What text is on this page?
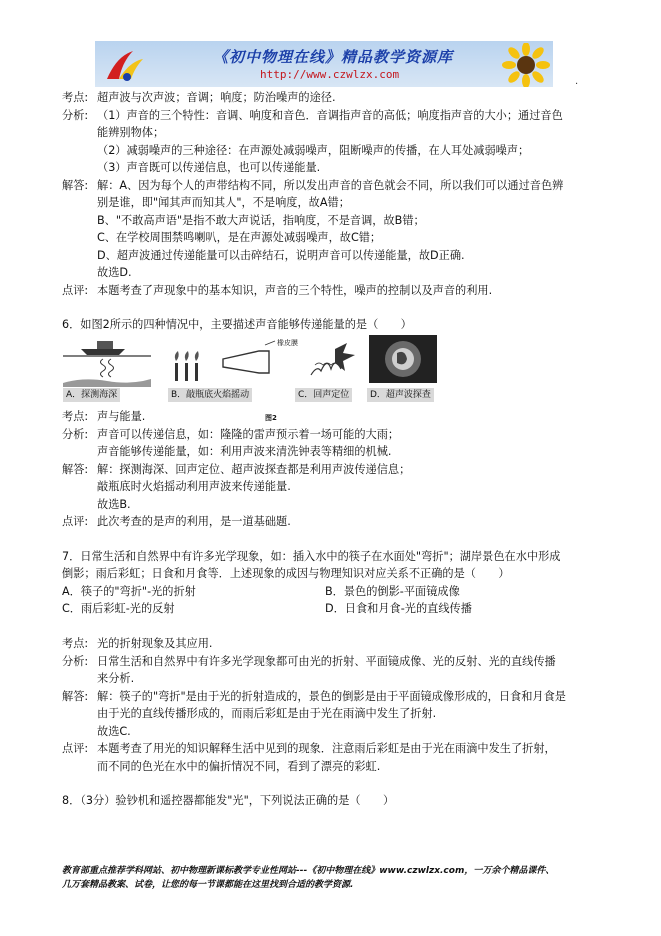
《初中物理在线》精品教学资源库
http://www.czwlzx.com
.
考点: 超声波与次声波；音调；响度；防治噪声的途径.
分析: （1）声音的三个特性：音调、响度和音色．音调指声音的高低；响度指声音的大小；通过音色
能辨别物体；
（2）减弱噪声的三种途径：在声源处减弱噪声，阻断噪声的传播，在人耳处减弱噪声；
（3）声音既可以传递信息，也可以传递能量.
解答: 解：A、因为每个人的声带结构不同，所以发出声音的音色就会不同，所以我们可以通过音色辨
别是谁，即"闻其声而知其人"，不是响度，故A错；
B、"不敢高声语"是指不敢大声说话，指响度，不是音调，故B错；
C、在学校周围禁鸣喇叭，是在声源处减弱噪声，故C错；
D、超声波通过传递能量可以击碎结石，说明声音可以传递能量，故D正确.
故选D.
点评: 本题考查了声现象中的基本知识，声音的三个特性，噪声的控制以及声音的利用.
6．如图2所示的四种情况中，主要描述声音能够传递能量的是（　　）
橡皮膜
A．探测海深	B．敲瓶底火焰摇动	C．回声定位	D．超声波探查
考点: 声与能量.	图2
分析: 声音可以传递信息，如：隆隆的雷声预示着一场可能的大雨；
声音能够传递能量，如：利用声波来清洗钟表等精细的机械.
解答: 解：探测海深、回声定位、超声波探查都是利用声波传递信息；
敲瓶底时火焰摇动利用声波来传递能量.
故选B.
点评: 此次考查的是声的利用，是一道基础题.
7．日常生活和自然界中有许多光学现象，如：插入水中的筷子在水面处"弯折"；湖岸景色在水中形成
倒影；雨后彩虹；日食和月食等．上述现象的成因与物理知识对应关系不正确的是（　　）
A．筷子的"弯折"-光的折射	B．景色的倒影-平面镜成像
C．雨后彩虹-光的反射	D．日食和月食-光的直线传播
考点: 光的折射现象及其应用.
分析: 日常生活和自然界中有许多光学现象都可由光的折射、平面镜成像、光的反射、光的直线传播
来分析.
解答: 解：筷子的"弯折"是由于光的折射造成的，景色的倒影是由于平面镜成像形成的，日食和月食是
由于光的直线传播形成的，而雨后彩虹是由于光在雨滴中发生了折射.
故选C.
点评: 本题考查了用光的知识解释生活中见到的现象．注意雨后彩虹是由于光在雨滴中发生了折射，
而不同的色光在水中的偏折情况不同，看到了漂亮的彩虹.
8．（3分）验钞机和遥控器都能发"光"，下列说法正确的是（　　）
教育部重点推荐学科网站、初中物理新课标教学专业性网站---《初中物理在线》www.czwlzx.com，一万余个精品课件、
几万套精品教案、试卷，让您的每一节课都能在这里找到合适的教学资源.
